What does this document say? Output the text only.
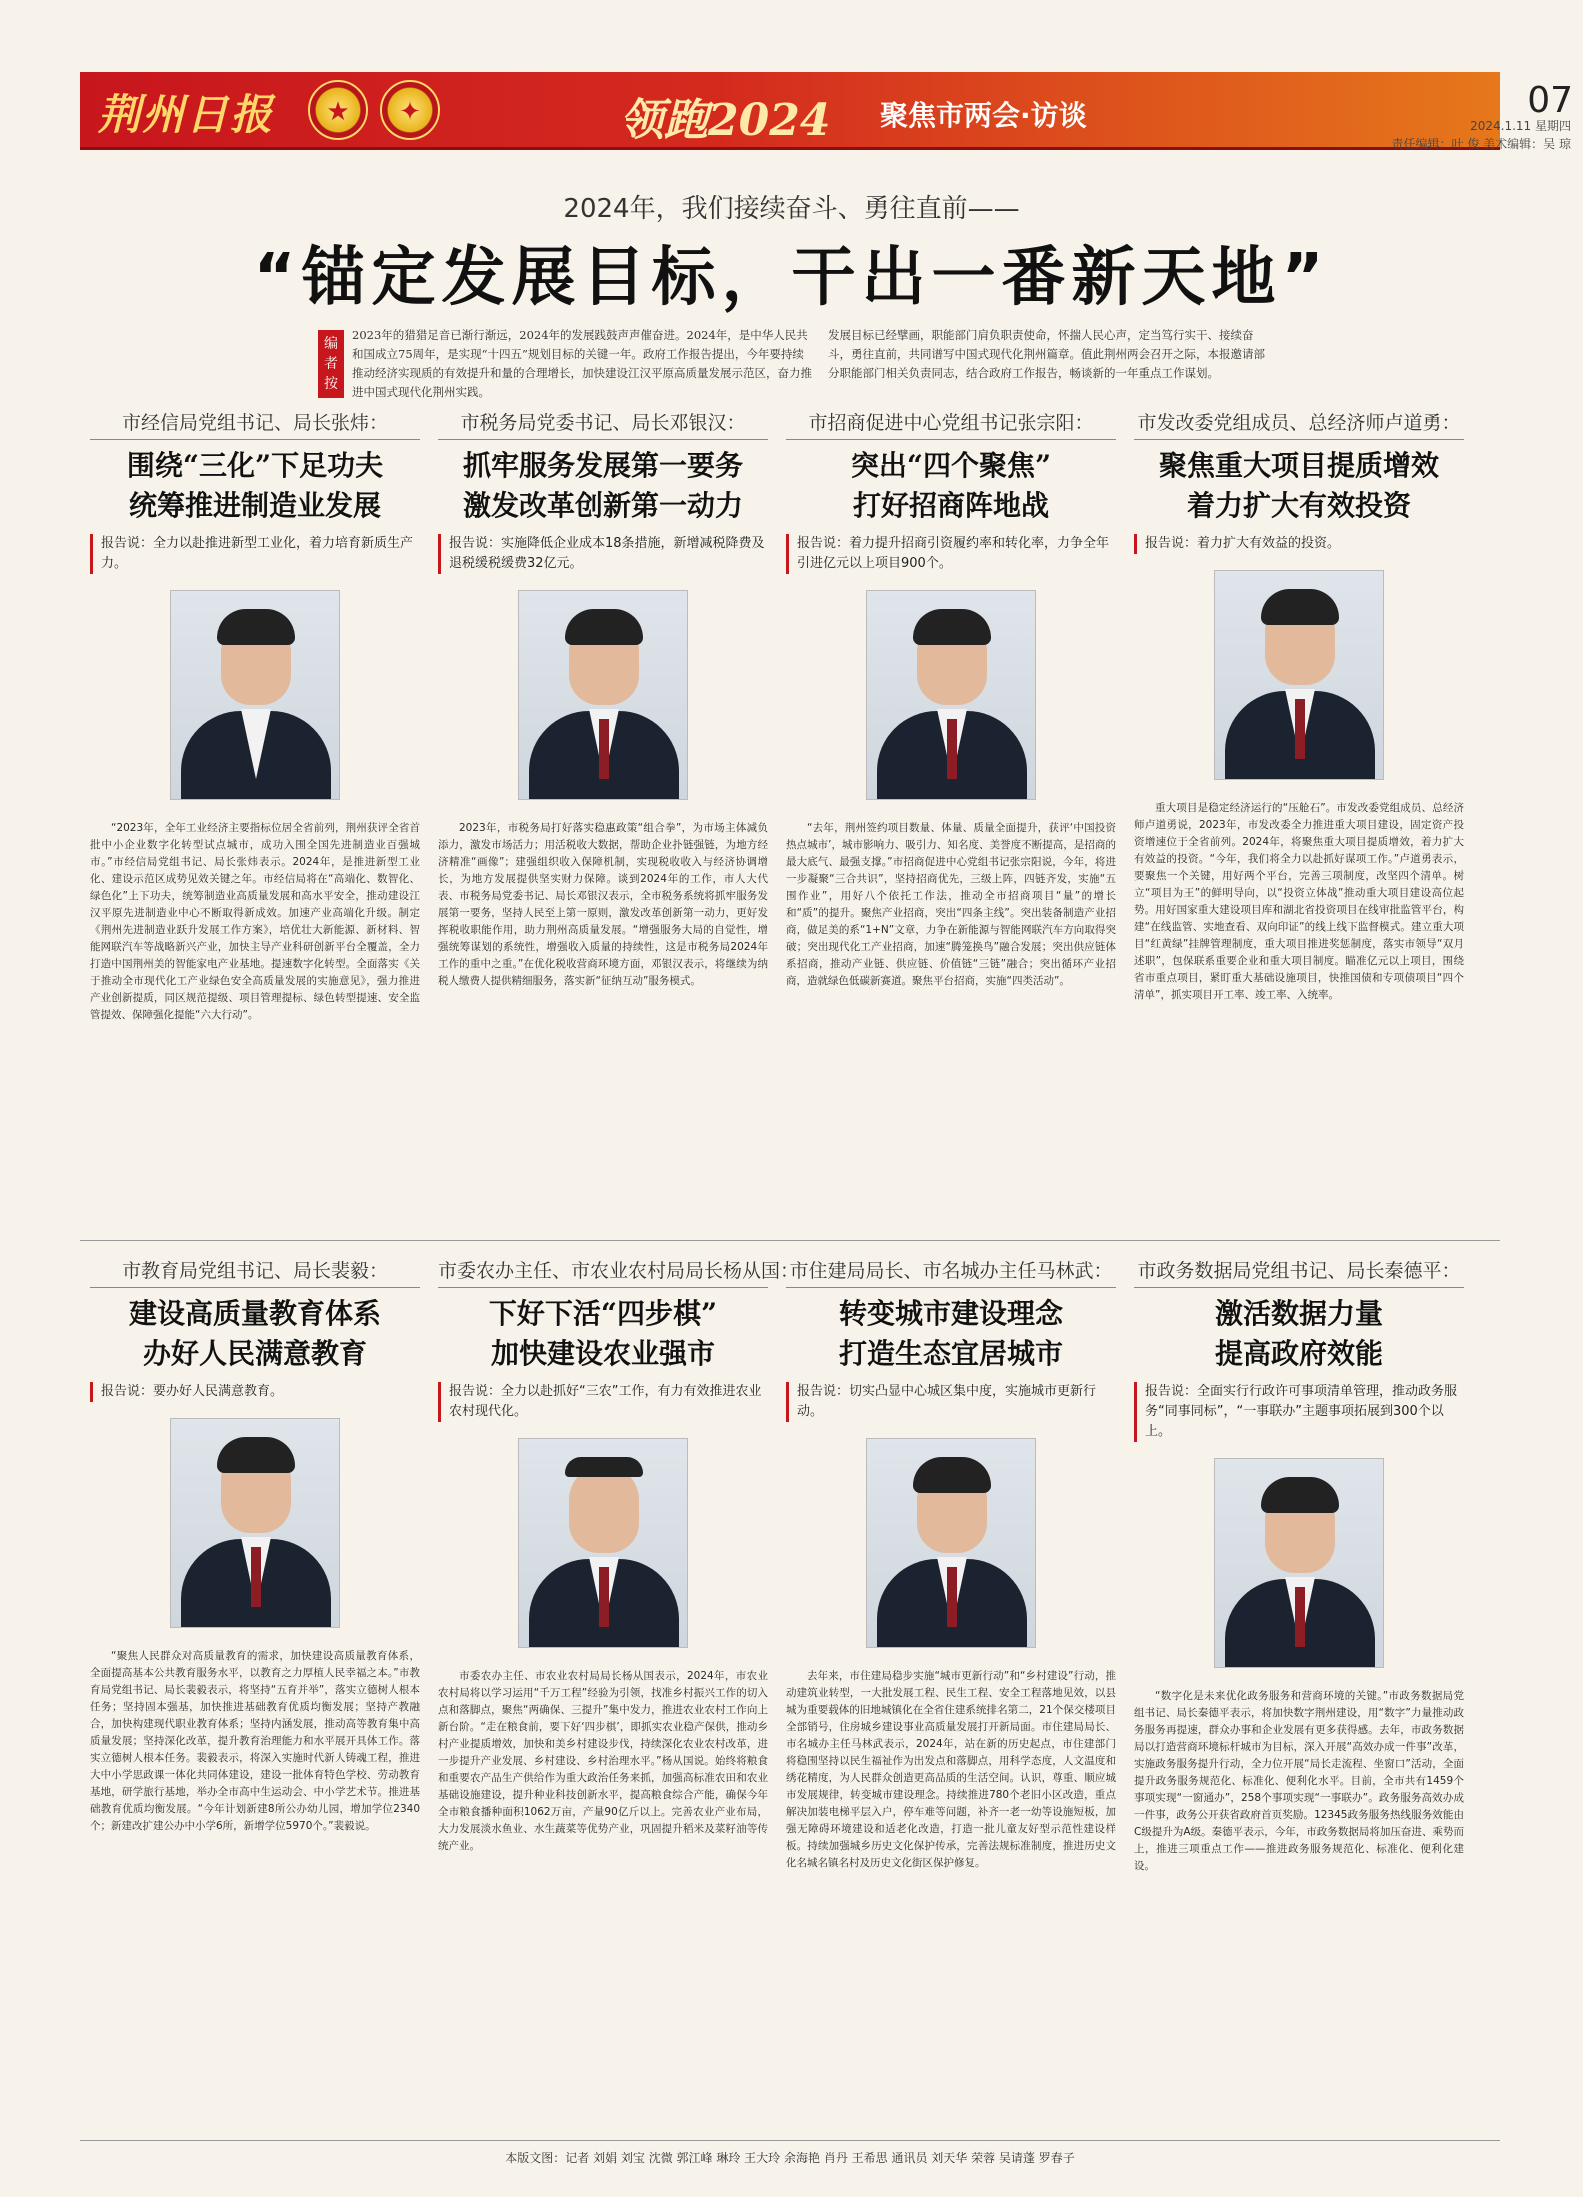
荆州日报	★	✦	领跑2024 聚焦市两会·访谈	07
2024.1.11 星期四
责任编辑：叶 俊 美术编辑：吴 琼
2024年，我们接续奋斗、勇往直前——
“锚定发展目标，干出一番新天地”
编者按
2023年的猎猎足音已渐行渐远，2024年的发展践鼓声声催奋进。2024年，是中华人民共和国成立75周年，是实现“十四五”规划目标的关键一年。政府工作报告提出，今年要持续推动经济实现质的有效提升和量的合理增长，加快建设江汉平原高质量发展示范区，奋力推进中国式现代化荆州实践。
发展目标已经擘画，职能部门肩负职责使命，怀揣人民心声，定当笃行实干、接续奋斗，勇往直前，共同谱写中国式现代化荆州篇章。值此荆州两会召开之际，本报邀请部分职能部门相关负责同志，结合政府工作报告，畅谈新的一年重点工作谋划。
市经信局党组书记、局长张炜：
围绕“三化”下足功夫
统筹推进制造业发展
报告说：全力以赴推进新型工业化，着力培育新质生产力。
“2023年，全年工业经济主要指标位居全省前列，荆州获评全省首批中小企业数字化转型试点城市，成功入围全国先进制造业百强城市。”市经信局党组书记、局长张炜表示。2024年，是推进新型工业化、建设示范区成势见效关键之年。市经信局将在“高端化、数智化、绿色化”上下功夫，统筹制造业高质量发展和高水平安全，推动建设江汉平原先进制造业中心不断取得新成效。加速产业高端化升级。制定《荆州先进制造业跃升发展工作方案》，培优壮大新能源、新材料、智能网联汽车等战略新兴产业，加快主导产业科研创新平台全覆盖，全力打造中国荆州美的智能家电产业基地。提速数字化转型。全面落实《关于推动全市现代化工产业绿色安全高质量发展的实施意见》，强力推进产业创新提质，同区规范提级、项目管理提标、绿色转型提速、安全监管提效、保障强化提能“六大行动”。
市税务局党委书记、局长邓银汉：
抓牢服务发展第一要务
激发改革创新第一动力
报告说：实施降低企业成本18条措施，新增减税降费及退税缓税缓费32亿元。
2023年，市税务局打好落实稳惠政策“组合拳”，为市场主体减负添力，激发市场活力；用活税收大数据，帮助企业扑链强链，为地方经济精准“画像”；建强组织收入保障机制，实现税收收入与经济协调增长，为地方发展提供坚实财力保障。谈到2024年的工作，市人大代表、市税务局党委书记、局长邓银汉表示，全市税务系统将抓牢服务发展第一要务，坚持人民至上第一原则，激发改革创新第一动力，更好发挥税收职能作用，助力荆州高质量发展。“增强服务大局的自觉性，增强统筹谋划的系统性，增强收入质量的持续性，这是市税务局2024年工作的重中之重。”在优化税收营商环境方面，邓银汉表示，将继续为纳税人缴费人提供精细服务，落实新“征纳互动”服务模式。
市招商促进中心党组书记张宗阳：
突出“四个聚焦”
打好招商阵地战
报告说：着力提升招商引资履约率和转化率，力争全年引进亿元以上项目900个。
“去年，荆州签约项目数量、体量、质量全面提升，获评‘中国投资热点城市’，城市影响力、吸引力、知名度、美誉度不断提高，是招商的最大底气、最强支撑。”市招商促进中心党组书记张宗阳说，今年，将进一步凝聚“三合共识”，坚持招商优先，三级上阵，四链齐发，实施“五围作业”，用好八个依托工作法，推动全市招商项目“量”的增长和“质”的提升。聚焦产业招商，突出“四条主线”。突出装备制造产业招商，做足美的系“1+N”文章，力争在新能源与智能网联汽车方向取得突破；突出现代化工产业招商，加速“腾笼换鸟”融合发展；突出供应链体系招商，推动产业链、供应链、价值链“三链”融合；突出循环产业招商，造就绿色低碳新赛道。聚焦平台招商，实施“四类活动”。
市发改委党组成员、总经济师卢道勇：
聚焦重大项目提质增效
着力扩大有效投资
报告说：着力扩大有效益的投资。
重大项目是稳定经济运行的“压舱石”。市发改委党组成员、总经济师卢道勇说，2023年，市发改委全力推进重大项目建设，固定资产投资增速位于全省前列。2024年，将聚焦重大项目提质增效，着力扩大有效益的投资。“今年，我们将全力以赴抓好谋项工作。”卢道勇表示，要聚焦一个关键，用好两个平台，完善三项制度，改坚四个清单。树立“项目为王”的鲜明导向，以“投资立体战”推动重大项目建设高位起势。用好国家重大建设项目库和湖北省投资项目在线审批监管平台，构建“在线监管、实地查看、双向印证”的线上线下监督模式。建立重大项目“红黄绿”挂牌管理制度，重大项目推进奖惩制度，落实市领导“双月述职”，包保联系重要企业和重大项目制度。瞄准亿元以上项目，围绕省市重点项目，紧盯重大基础设施项目，快推国债和专项债项目“四个清单”，抓实项目开工率、竣工率、入统率。
市教育局党组书记、局长裴毅：
建设高质量教育体系
办好人民满意教育
报告说：要办好人民满意教育。
“聚焦人民群众对高质量教育的需求，加快建设高质量教育体系，全面提高基本公共教育服务水平，以教育之力厚植人民幸福之本。”市教育局党组书记、局长裴毅表示，将坚持“五育并举”，落实立德树人根本任务；坚持固本强基，加快推进基础教育优质均衡发展；坚持产教融合，加快构建现代职业教育体系；坚持内涵发展，推动高等教育集中高质量发展；坚持深化改革，提升教育治理能力和水平展开具体工作。落实立德树人根本任务。裴毅表示，将深入实施时代新人铸魂工程，推进大中小学思政课一体化共同体建设，建设一批体育特色学校、劳动教育基地，研学旅行基地，举办全市高中生运动会、中小学艺术节。推进基础教育优质均衡发展。“今年计划新建8所公办幼儿园，增加学位2340个；新建改扩建公办中小学6所，新增学位5970个。”裴毅说。
市委农办主任、市农业农村局局长杨从国：
下好下活“四步棋”
加快建设农业强市
报告说：全力以赴抓好“三农”工作，有力有效推进农业农村现代化。
市委农办主任、市农业农村局局长杨从国表示，2024年，市农业农村局将以学习运用“千万工程”经验为引领，找准乡村振兴工作的切入点和落脚点，聚焦“两确保、三提升”集中发力，推进农业农村工作向上新台阶。“走在粮食前，要下好‘四步棋’，即抓实农业稳产保供，推动乡村产业提质增效，加快和美乡村建设步伐，持续深化农业农村改革，进一步提升产业发展、乡村建设、乡村治理水平。”杨从国说。始终将粮食和重要农产品生产供给作为重大政治任务来抓，加强高标准农田和农业基础设施建设，提升种业科技创新水平，提高粮食综合产能，确保今年全市粮食播种面积1062万亩，产量90亿斤以上。完善农业产业布局，大力发展淡水鱼业、水生蔬菜等优势产业，巩固提升稻米及菜籽油等传统产业。
市住建局局长、市名城办主任马林武：
转变城市建设理念
打造生态宜居城市
报告说：切实凸显中心城区集中度，实施城市更新行动。
去年来，市住建局稳步实施“城市更新行动”和“乡村建设”行动，推动建筑业转型，一大批发展工程、民生工程、安全工程落地见效，以县城为重要载体的旧地城镇化在全省住建系统排名第二，21个保交楼项目全部销号，住房城乡建设事业高质量发展打开新局面。市住建局局长、市名城办主任马林武表示，2024年，站在新的历史起点，市住建部门将稳围坚持以民生福祉作为出发点和落脚点，用科学态度，人文温度和绣花精度，为人民群众创造更高品质的生活空间。认识，尊重、顺应城市发展规律，转变城市建设理念。持续推进780个老旧小区改造，重点解决加装电梯平层入户，停车难等问题，补齐一老一幼等设施短板，加强无障碍环境建设和适老化改造，打造一批儿童友好型示范性建设样板。持续加强城乡历史文化保护传承，完善法规标准制度，推进历史文化名城名镇名村及历史文化街区保护修复。
市政务数据局党组书记、局长秦德平：
激活数据力量
提高政府效能
报告说：全面实行行政许可事项清单管理，推动政务服务“同事同标”，“一事联办”主题事项拓展到300个以上。
“数字化是未来优化政务服务和营商环境的关键。”市政务数据局党组书记、局长秦德平表示，将加快数字荆州建设，用“数字”力量推动政务服务再提速，群众办事和企业发展有更多获得感。去年，市政务数据局以打造营商环境标杆城市为目标，深入开展“高效办成一件事”改革，实施政务服务提升行动，全力位开展“局长走流程、坐窗口”活动，全面提升政务服务规范化、标准化、便利化水平。目前，全市共有1459个事项实现“一窗通办”，258个事项实现“一事联办”。政务服务高效办成一件事，政务公开获省政府首页奖励。12345政务服务热线服务效能由C级提升为A级。秦德平表示，今年，市政务数据局将加压奋进、乘势而上，推进三项重点工作——推进政务服务规范化、标准化、便利化建设。
本版文图：记者 刘娟 刘宝 沈微 郭江峰 琳玲 王大玲 余海艳 肖丹 王希思 通讯员 刘天华 荣蓉 吴请蓬 罗春子
